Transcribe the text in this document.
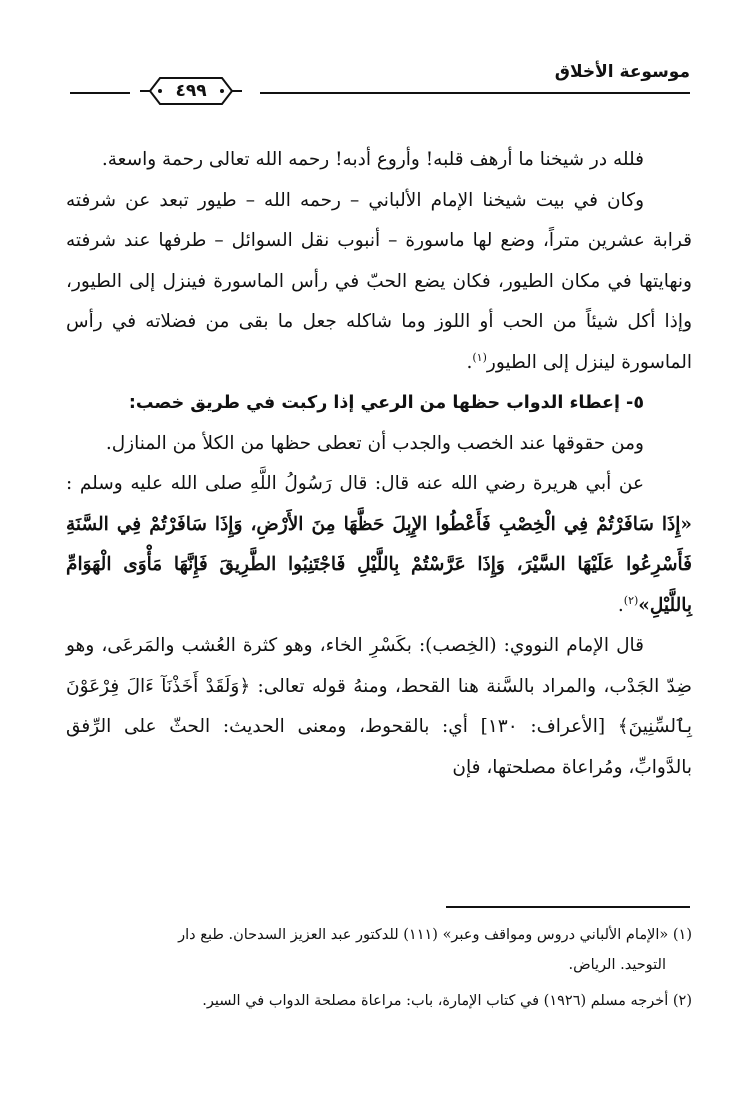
موسوعة الأخلاق
٤٩٩

فلله در شيخنا ما أرهف قلبه! وأروع أدبه! رحمه الله تعالى رحمة واسعة.

وكان في بيت شيخنا الإمام الألباني – رحمه الله – طيور تبعد عن شرفته قرابة عشرين متراً، وضع لها ماسورة – أنبوب نقل السوائل – طرفها عند شرفته ونهايتها في مكان الطيور، فكان يضع الحبّ في رأس الماسورة فينزل إلى الطيور، وإذا أكل شيئاً من الحب أو اللوز وما شاكله جعل ما بقى من فضلاته في رأس الماسورة لينزل إلى الطيور$^{(١)}$.

٥- إعطاء الدواب حظها من الرعي إذا ركبت في طريق خصب:

ومن حقوقها عند الخصب والجدب أن تعطى حظها من الكلأ من المنازل.

عن أبي هريرة رضي الله عنه قال: قال رَسُولُ اللَّهِ صلى الله عليه وسلم : «إِذَا سَافَرْتُمْ فِي الْخِصْبِ فَأَعْطُوا الإِبِلَ حَظَّهَا مِنَ الأَرْضِ، وَإِذَا سَافَرْتُمْ فِي السَّنَةِ فَأَسْرِعُوا عَلَيْهَا السَّيْرَ، وَإِذَا عَرَّسْتُمْ بِاللَّيْلِ فَاجْتَنِبُوا الطَّرِيقَ فَإِنَّهَا مَأْوَى الْهَوَامِّ بِاللَّيْلِ»$^{(٢)}$.

قال الإمام النووي: (الخِصب): بكَسْرِ الخاء، وهو كثرة العُشب والمَرعَى، وهو ضِدّ الجَدْب، والمراد بالسَّنة هنا القحط، ومنهُ قوله تعالى: ﴿وَلَقَدْ أَخَذْنَآ ءَالَ فِرْعَوْنَ بِٱلسِّنِينَ﴾ [الأعراف: ١٣٠] أي: بالقحوط، ومعنى الحديث: الحثّ على الرِّفق بالدَّوابِّ، ومُراعاة مصلحتها، فإن

(١) «الإمام الألباني دروس ومواقف وعبر» (١١١) للدكتور عبد العزيز السدحان. طبع دار
التوحيد. الرياض.

(٢) أخرجه مسلم (١٩٢٦) في كتاب الإمارة، باب: مراعاة مصلحة الدواب في السير.
